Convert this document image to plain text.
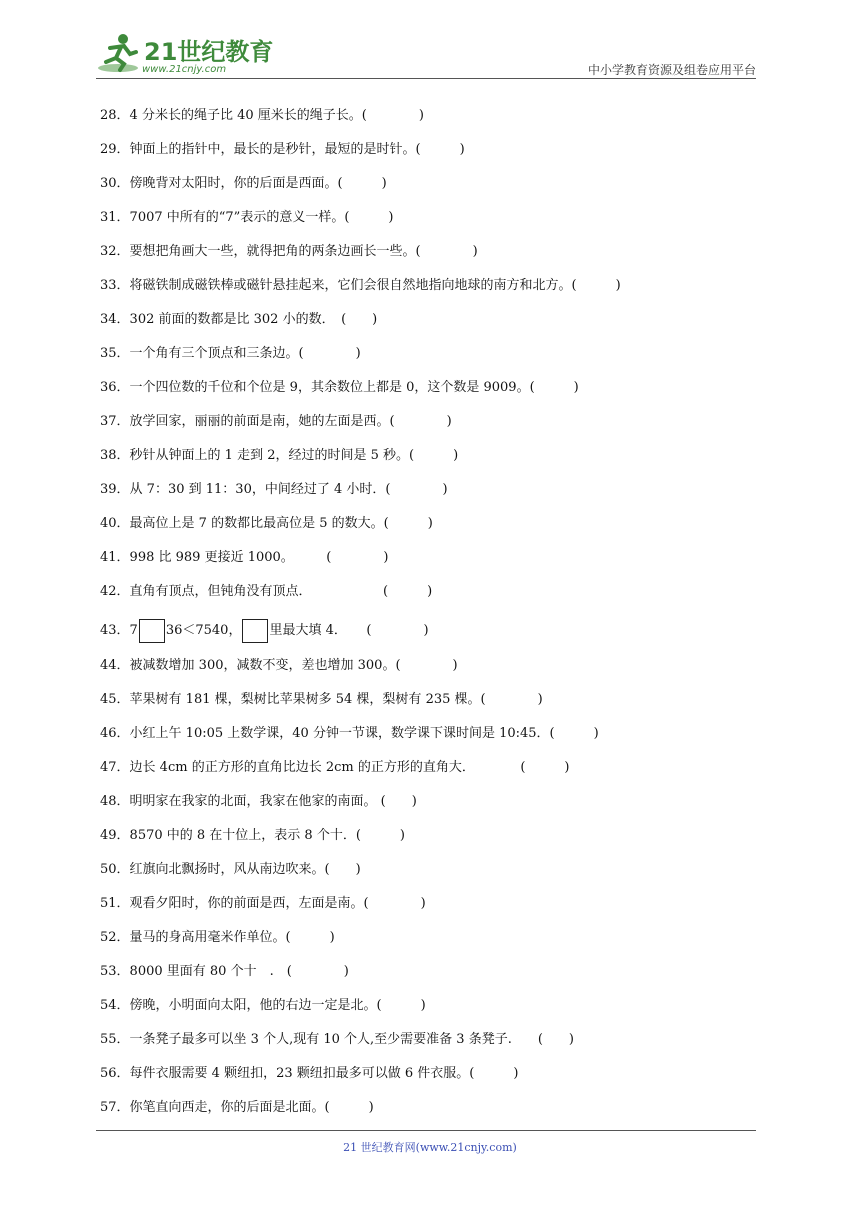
21世纪教育
www.21cnjy.com	中小学教育资源及组卷应用平台
28．4 分米长的绳子比 40 厘米长的绳子长。(　　　　)
29．钟面上的指针中，最长的是秒针，最短的是时针。(　　　)
30．傍晚背对太阳时，你的后面是西面。(　　　)
31．7007 中所有的“7”表示的意义一样。(　　　)
32．要想把角画大一些，就得把角的两条边画长一些。(　　　　)
33．将磁铁制成磁铁棒或磁针悬挂起来，它们会很自然地指向地球的南方和北方。(　　　)
34．302 前面的数都是比 302 小的数．　(　　)
35．一个角有三个顶点和三条边。(　　　　)
36．一个四位数的千位和个位是 9，其余数位上都是 0，这个数是 9009。(　　　)
37．放学回家，丽丽的前面是南，她的左面是西。(　　　　)
38．秒针从钟面上的 1 走到 2，经过的时间是 5 秒。(　　　)
39．从 7：30 到 11：30，中间经过了 4 小时．(　　　　)
40．最高位上是 7 的数都比最高位是 5 的数大。(　　　)
41．998 比 989 更接近 1000。　　　(　　　　)
42．直角有顶点，但钝角没有顶点．　　　　　　(　　　)
43．7 36＜7540， 里最大填 4．　　(　　　　)
44．被减数增加 300，减数不变，差也增加 300。(　　　　)
45．苹果树有 181 棵，梨树比苹果树多 54 棵，梨树有 235 棵。(　　　　)
46．小红上午 10:05 上数学课，40 分钟一节课，数学课下课时间是 10:45．(　　　)
47．边长 4cm 的正方形的直角比边长 2cm 的正方形的直角大．　　　　(　　　)
48．明明家在我家的北面，我家在他家的南面。 (　　)
49．8570 中的 8 在十位上，表示 8 个十．(　　　)
50．红旗向北飘扬时，风从南边吹来。(　　)
51．观看夕阳时，你的前面是西，左面是南。(　　　　)
52．量马的身高用毫米作单位。(　　　)
53．8000 里面有 80 个十　.　(　　　　)
54．傍晚，小明面向太阳，他的右边一定是北。(　　　)
55．一条凳子最多可以坐 3 个人,现有 10 个人,至少需要准备 3 条凳子.　　(　　)
56．每件衣服需要 4 颗纽扣，23 颗纽扣最多可以做 6 件衣服。(　　　)
57．你笔直向西走，你的后面是北面。(　　　)
21 世纪教育网(www.21cnjy.com)
